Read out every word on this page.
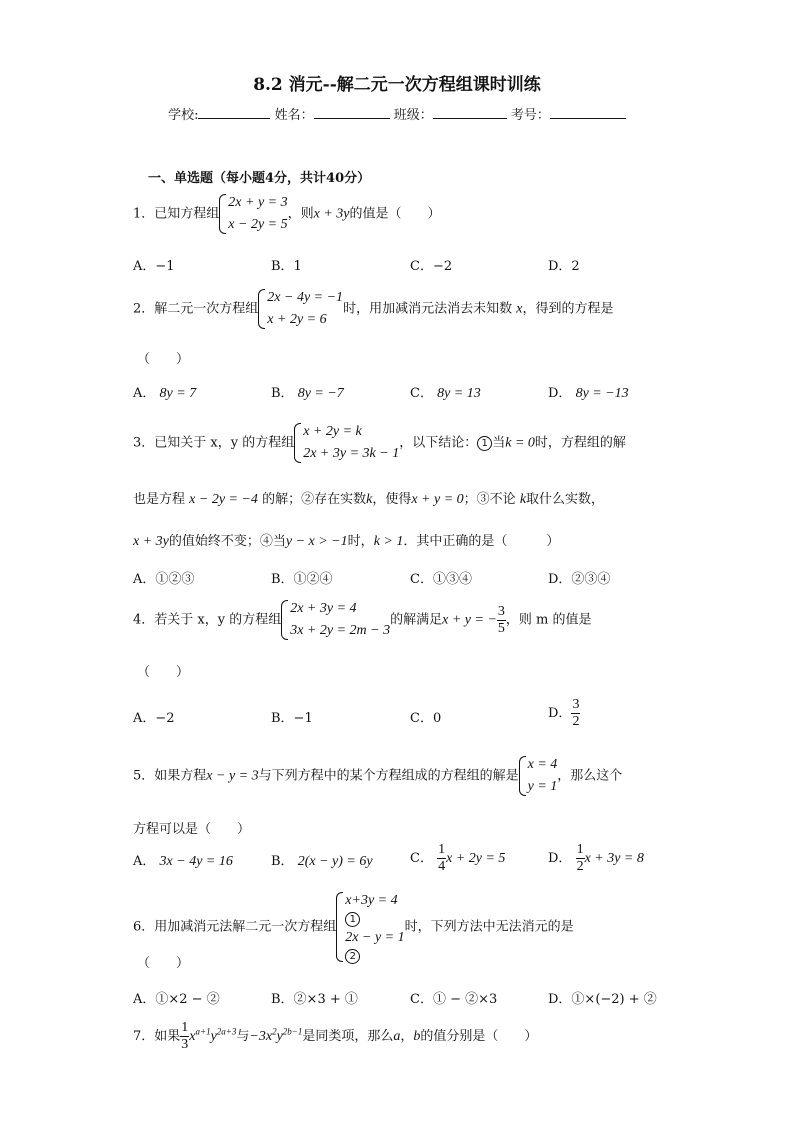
8.2 消元--解二元一次方程组课时训练
学校:	姓名：	班级：	考号：
一、单选题（每小题4分，共计40分）
1．已知方程组
2x + y = 3
x − 2y = 5
，则x + 3y的值是（　　）
A．−1	B．1	C．−2	D．2
2．解二元一次方程组
2x − 4y = −1
x + 2y = 6
时，用加减消元法消去未知数 x，得到的方程是
（　　）
A． 8y = 7	B． 8y = −7	C． 8y = 13	D． 8y = −13
3．已知关于 x，y 的方程组
x + 2y = k
2x + 3y = 3k − 1
，以下结论： 1 当k = 0时，方程组的解
也是方程 x − 2y = −4 的解；②存在实数k，使得x + y = 0；③不论 k取什么实数，
x + 3y的值始终不变；④当y − x > −1时，k > 1．其中正确的是（　　　）
A．①②③	B．①②④	C．①③④	D．②③④
4．若关于 x，y 的方程组
2x + 3y = 4
3x + 2y = 2m − 3
的解满足x + y = − $\frac{3}{5}$ ，则 m 的值是
（　　）
A．−2	B．−1	C．0	D． $\frac{3}{2}$
5．如果方程x − y = 3与下列方程中的某个方程组成的方程组的解是
x = 4
y = 1
，那么这个
方程可以是（　　）
A． 3x − 4y = 16	B． 2(x − y) = 6y	C． $\frac{1}{4}$ x + 2y = 5	D． $\frac{1}{2}$ x + 3y = 8
6．用加减消元法解二元一次方程组
x+3y = 4
1
2x − y = 1
2
时，下列方法中无法消元的是
（　　）
A．①×2 − ②	B．②×3 + ①	C．① − ②×3	D．①×(−2) + ②
7．如果 $\frac{1}{3} x^{a+1}y^{2a+3}$与$-3x^2y^{2b-1}$是同类项，那么a，b的值分别是（　　）
